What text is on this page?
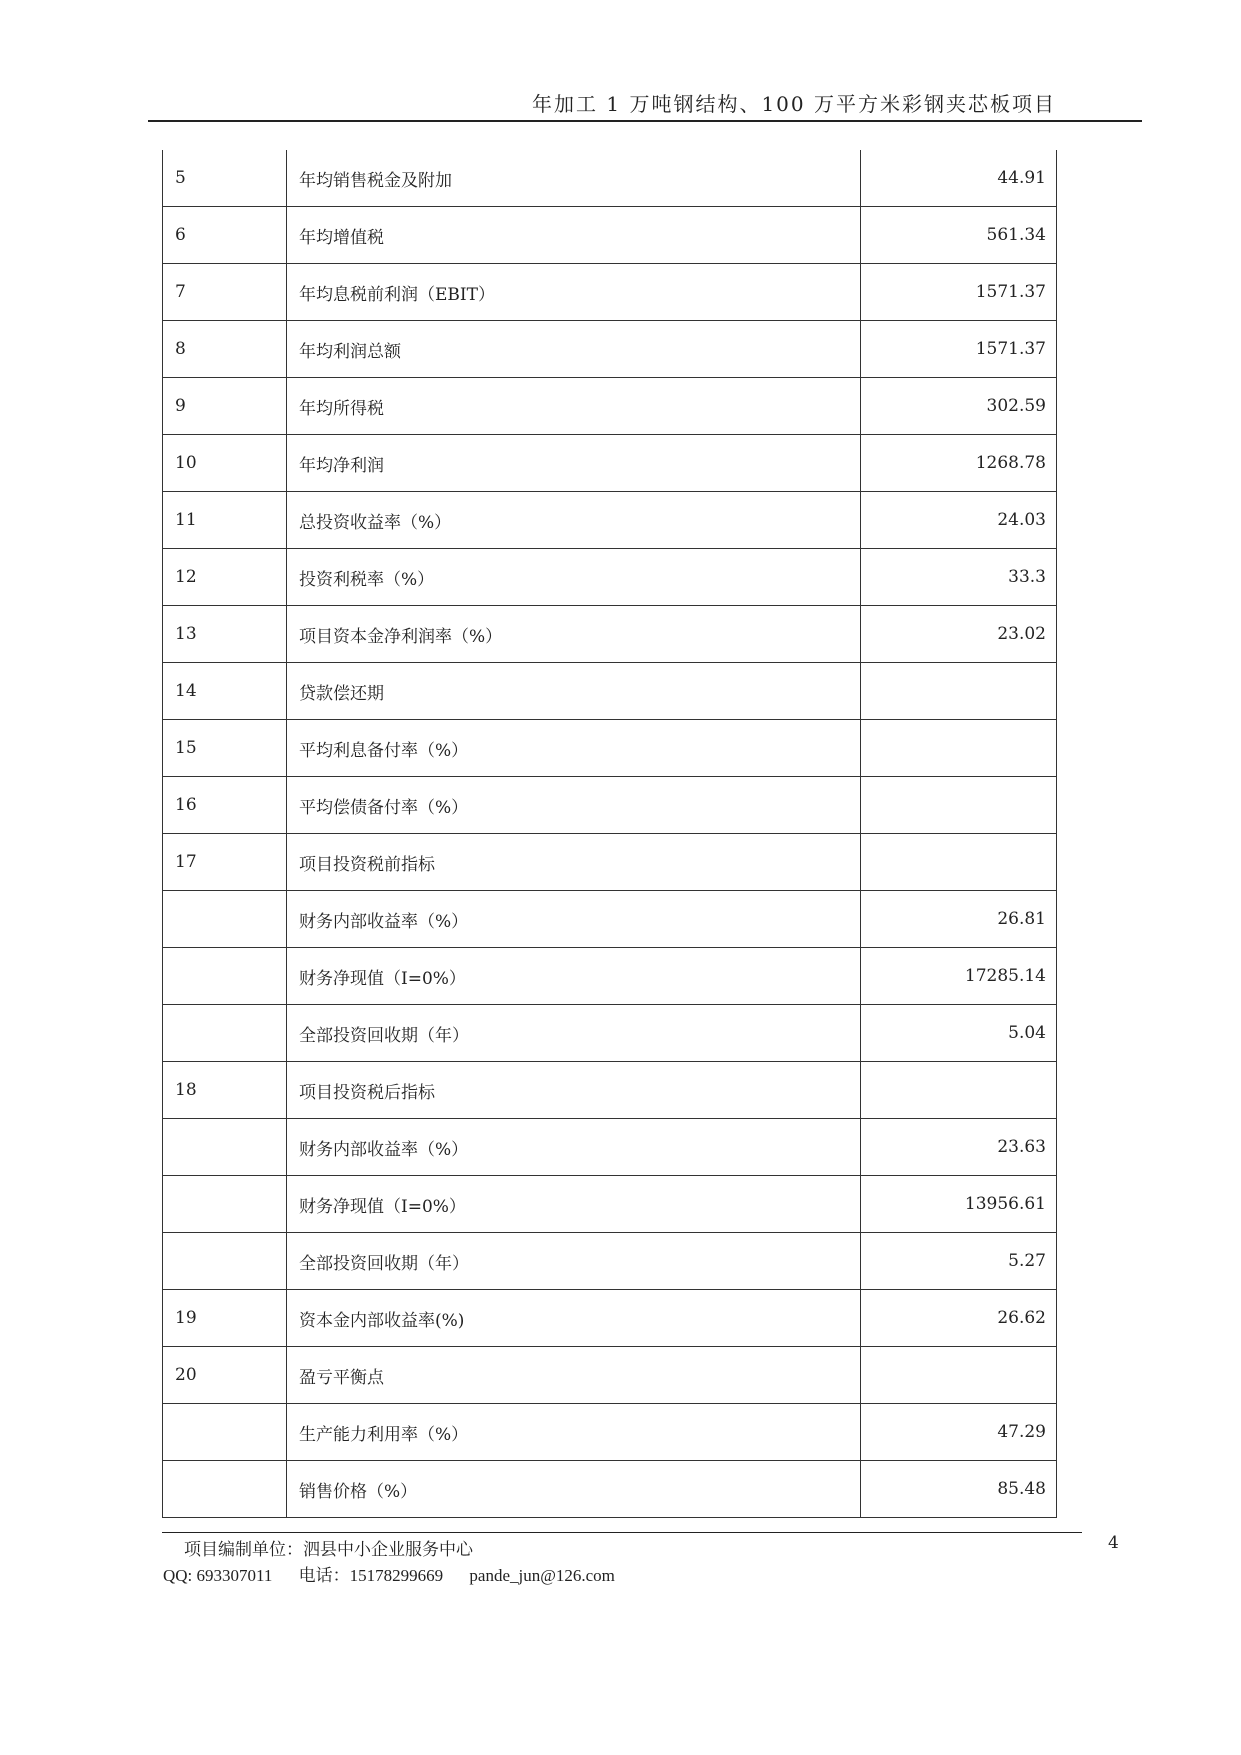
年加工 1 万吨钢结构、100 万平方米彩钢夹芯板项目
5	年均销售税金及附加	44.91
6	年均增值税	561.34
7	年均息税前利润（EBIT）	1571.37
8	年均利润总额	1571.37
9	年均所得税	302.59
10	年均净利润	1268.78
11	总投资收益率（%）	24.03
12	投资利税率（%）	33.3
13	项目资本金净利润率（%）	23.02
14	贷款偿还期	
15	平均利息备付率（%）	
16	平均偿债备付率（%）	
17	项目投资税前指标	
	财务内部收益率（%）	26.81
	财务净现值（I=0%）	17285.14
	全部投资回收期（年）	5.04
18	项目投资税后指标	
	财务内部收益率（%）	23.63
	财务净现值（I=0%）	13956.61
	全部投资回收期（年）	5.27
19	资本金内部收益率(%)	26.62
20	盈亏平衡点	
	生产能力利用率（%）	47.29
	销售价格（%）	85.48
项目编制单位：泗县中小企业服务中心	4
QQ: 693307011 电话：15178299669 pande_jun@126.com
